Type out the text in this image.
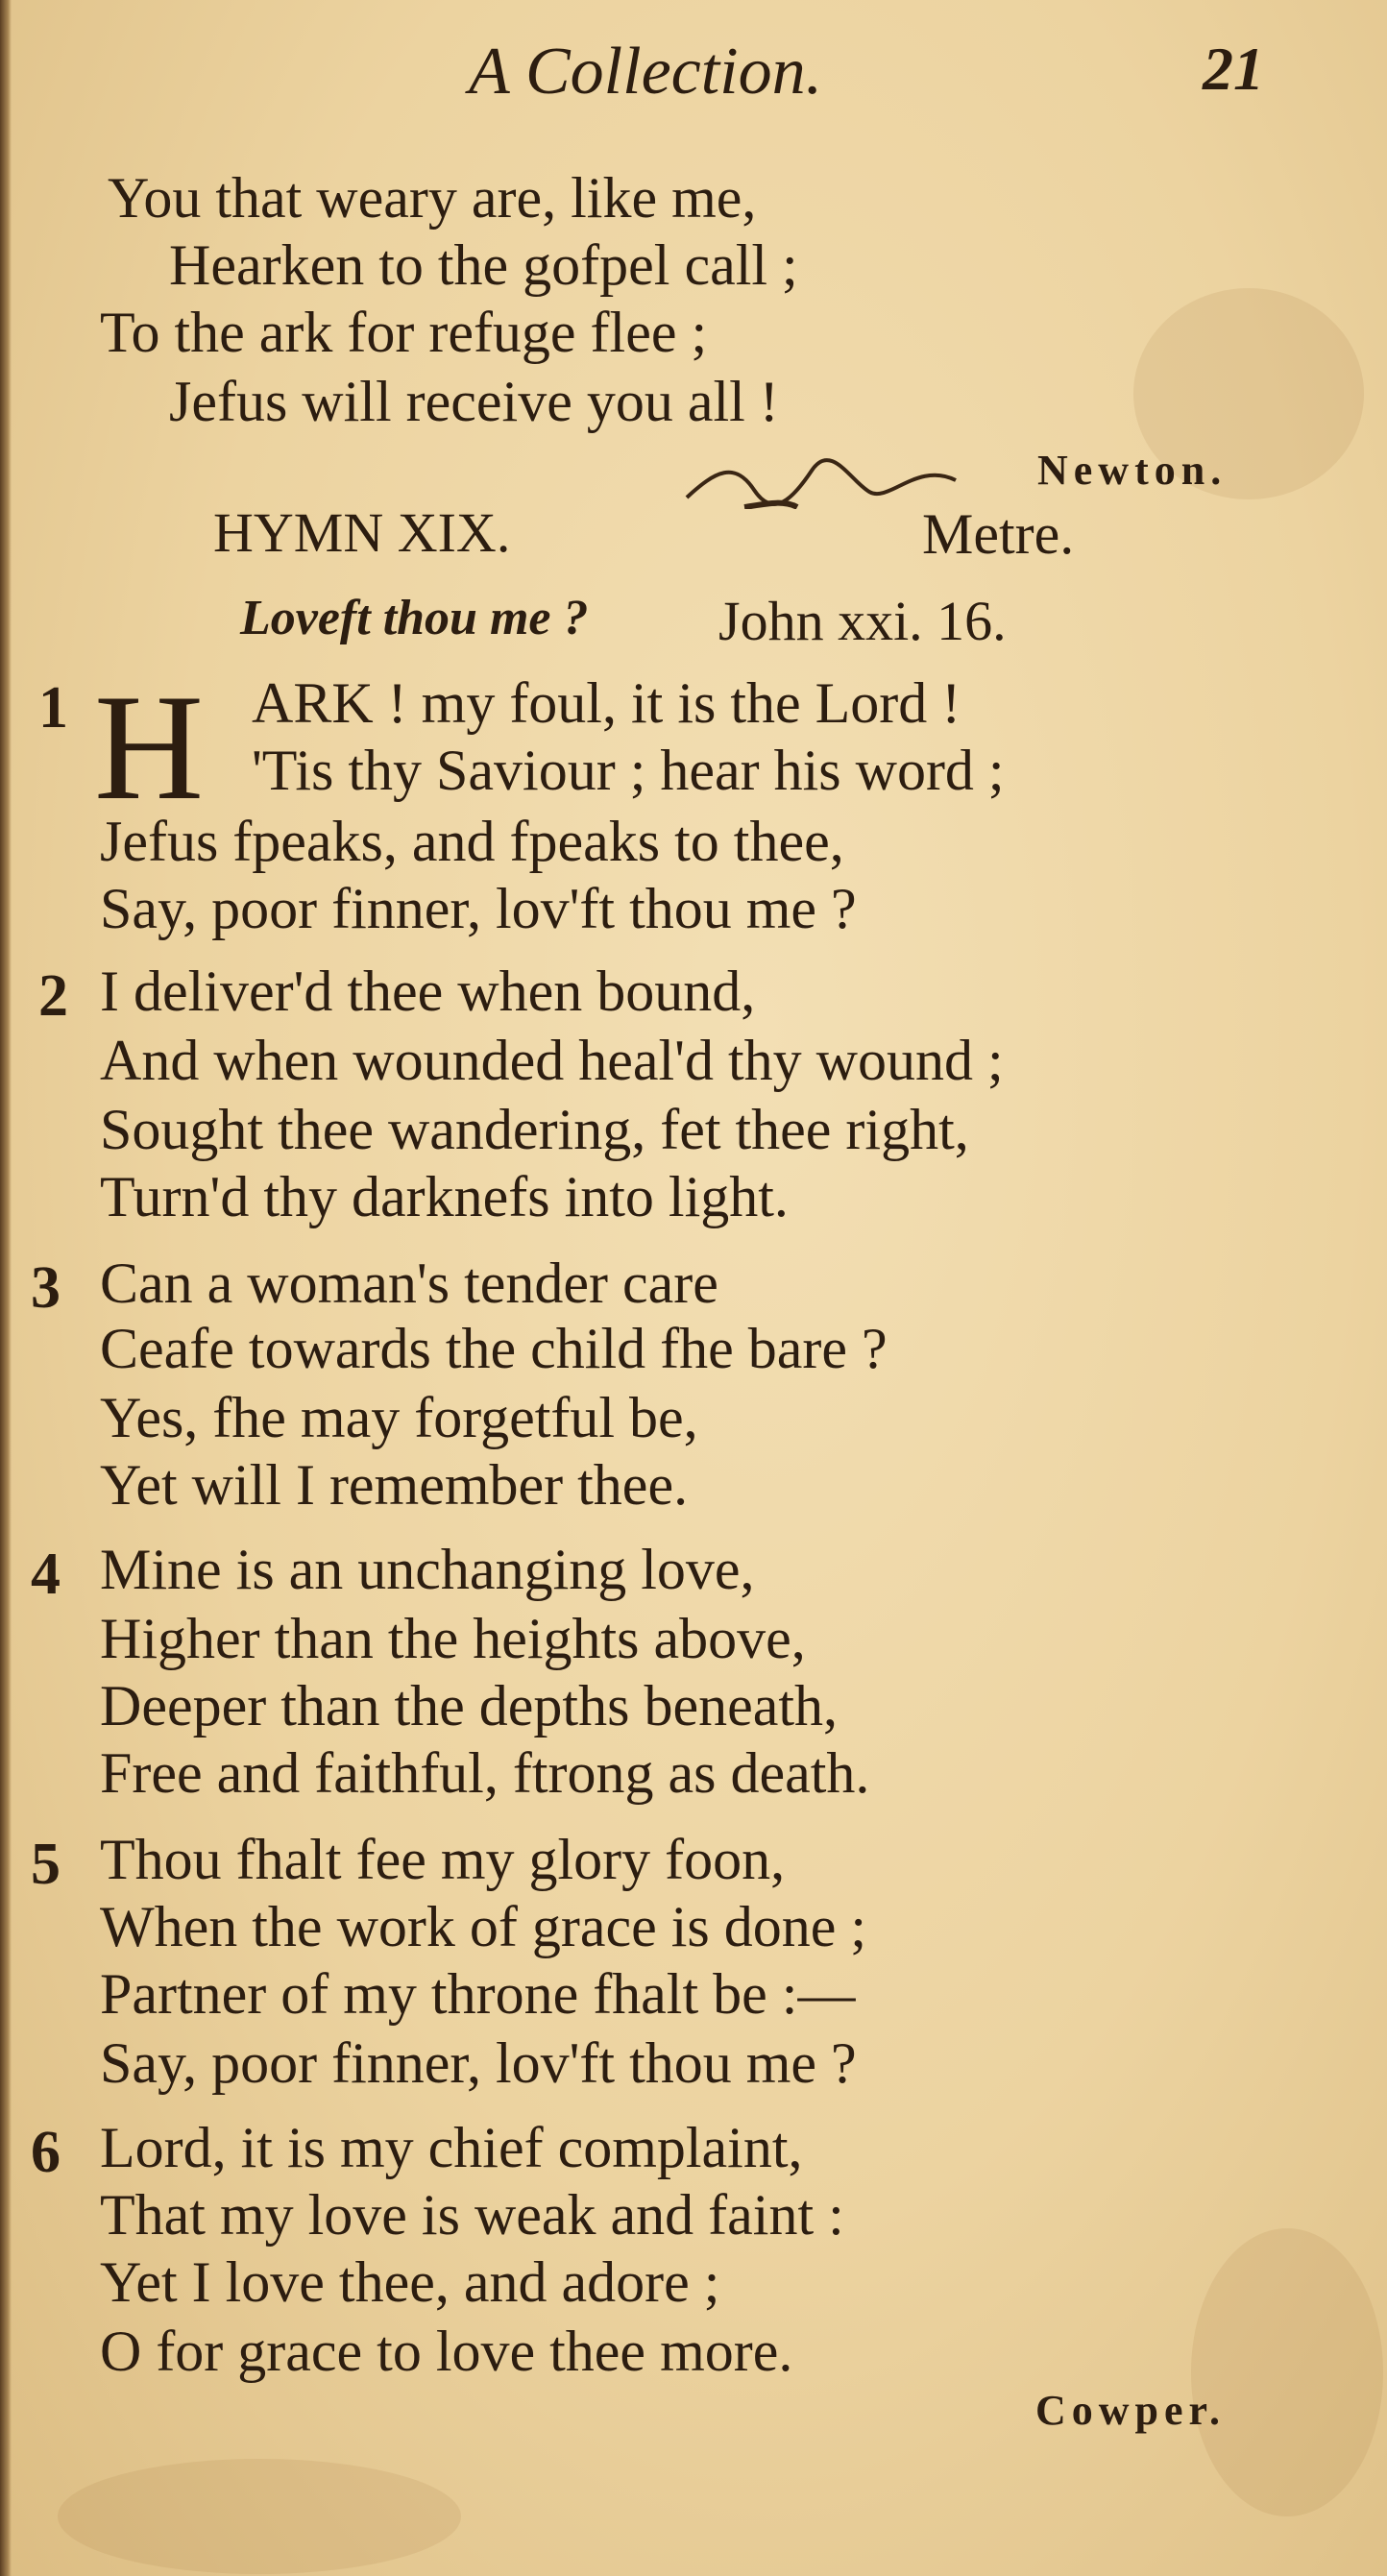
A Collection.	21
You that weary are, like me,
Hearken to the gofpel call ;
To the ark for refuge flee ;
Jefus will receive you all !
Newton.
HYMN XIX.	Metre.
Loveft thou me ? John xxi. 16.
1 H ARK ! my foul, it is the Lord !
'Tis thy Saviour ; hear his word ;
Jefus fpeaks, and fpeaks to thee,
Say, poor finner, lov'ft thou me ?
2 I deliver'd thee when bound,
And when wounded heal'd thy wound ;
Sought thee wandering, fet thee right,
Turn'd thy darknefs into light.
3 Can a woman's tender care
Ceafe towards the child fhe bare ?
Yes, fhe may forgetful be,
Yet will I remember thee.
4 Mine is an unchanging love,
Higher than the heights above,
Deeper than the depths beneath,
Free and faithful, ftrong as death.
5 Thou fhalt fee my glory foon,
When the work of grace is done ;
Partner of my throne fhalt be :—
Say, poor finner, lov'ft thou me ?
6 Lord, it is my chief complaint,
That my love is weak and faint :
Yet I love thee, and adore ;
O for grace to love thee more.
Cowper.
